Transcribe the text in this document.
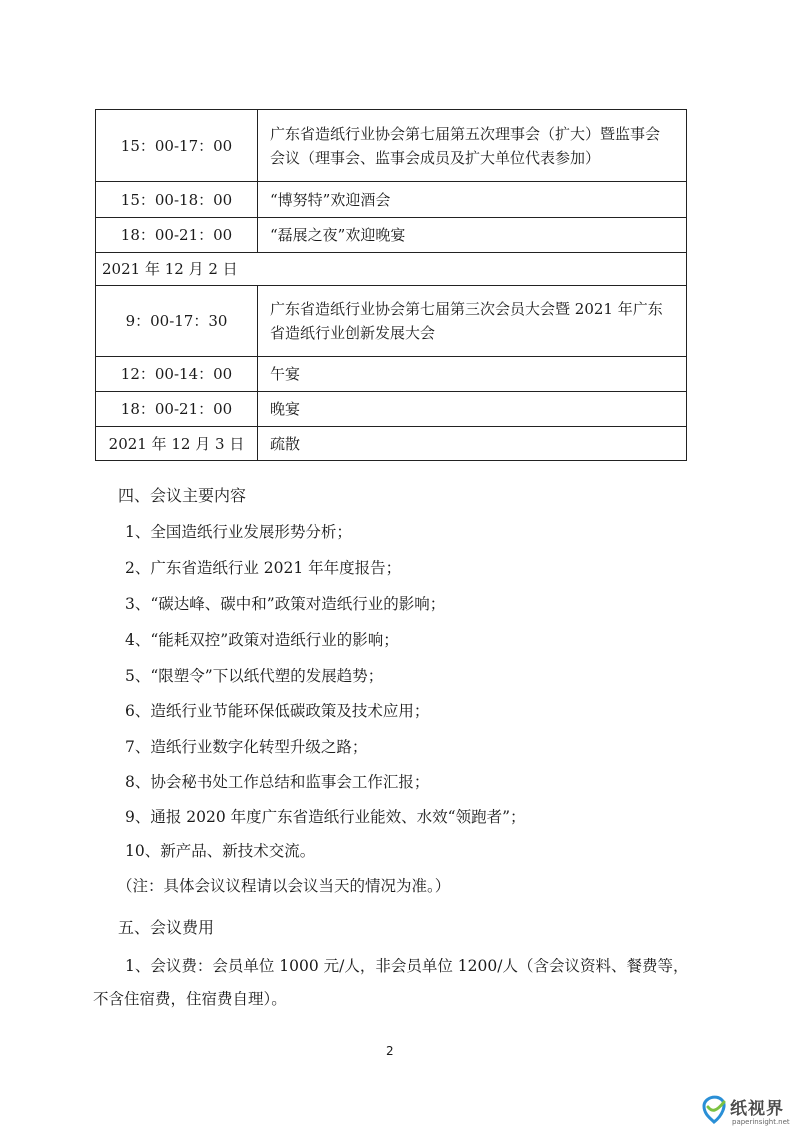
15：00-17：00	广东省造纸行业协会第七届第五次理事会（扩大）暨监事会
会议（理事会、监事会成员及扩大单位代表参加）

15：00-18：00	“博努特”欢迎酒会
18：00-21：00	“磊展之夜”欢迎晚宴
2021 年 12 月 2 日	
9：00-17：30	广东省造纸行业协会第七届第三次会员大会暨 2021 年广东
省造纸行业创新发展大会

12：00-14：00	午宴
18：00-21：00	晚宴
2021 年 12 月 3 日	疏散
四、会议主要内容
1、全国造纸行业发展形势分析；
2、广东省造纸行业 2021 年年度报告；
3、“碳达峰、碳中和”政策对造纸行业的影响；
4、“能耗双控”政策对造纸行业的影响；
5、“限塑令”下以纸代塑的发展趋势；
6、造纸行业节能环保低碳政策及技术应用；
7、造纸行业数字化转型升级之路；
8、协会秘书处工作总结和监事会工作汇报；
9、通报 2020 年度广东省造纸行业能效、水效“领跑者”；
10、新产品、新技术交流。
（注：具体会议议程请以会议当天的情况为准。）
五、会议费用
1、会议费：会员单位 1000 元/人，非会员单位 1200/人（含会议资料、餐费等，
不含住宿费，住宿费自理）。
2
纸视界
paperinsight.net
